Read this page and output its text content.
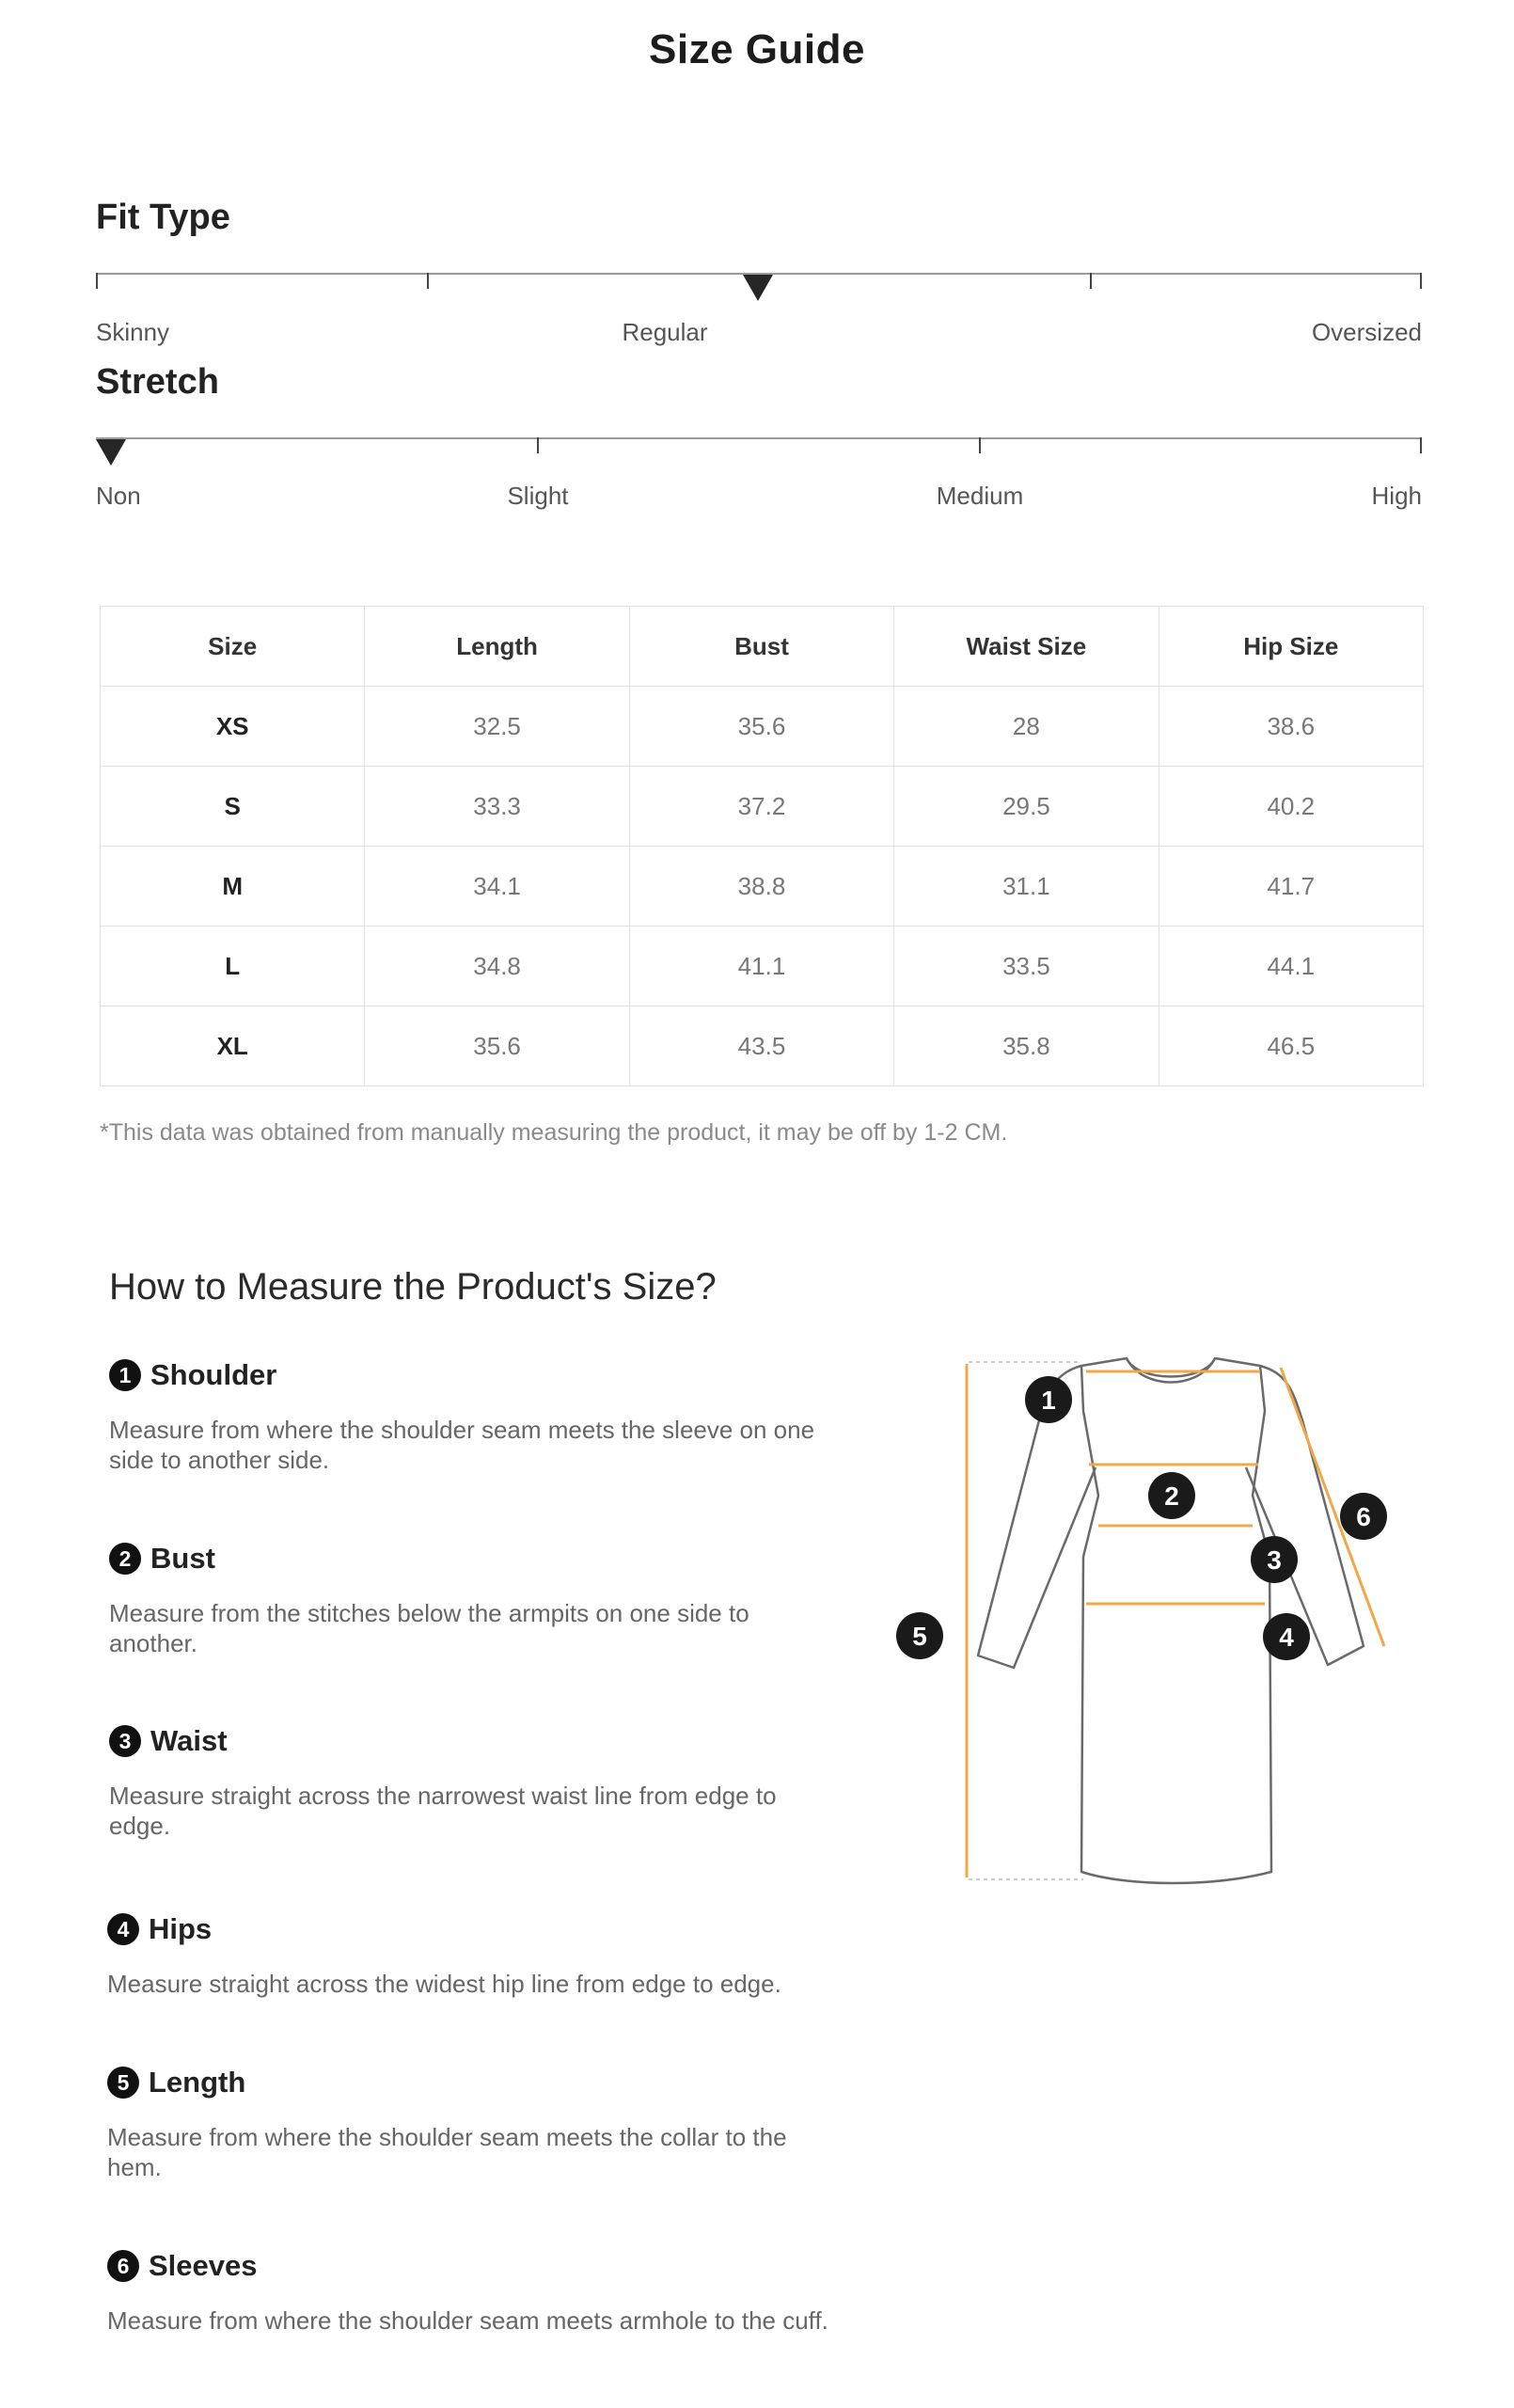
Size Guide
Fit Type
Skinny	Regular	Oversized
Stretch
Non	Slight	Medium	High
Size	Length	Bust	Waist Size	Hip Size
XS	32.5	35.6	28	38.6
S	33.3	37.2	29.5	40.2
M	34.1	38.8	31.1	41.7
L	34.8	41.1	33.5	44.1
XL	35.6	43.5	35.8	46.5
*This data was obtained from manually measuring the product, it may be off by 1-2 CM.
How to Measure the Product's Size?
1 Shoulder
Measure from where the shoulder seam meets the sleeve on one side to another side.
2 Bust
Measure from the stitches below the armpits on one side to another.
3 Waist
Measure straight across the narrowest waist line from edge to edge.
4 Hips
Measure straight across the widest hip line from edge to edge.
5 Length
Measure from where the shoulder seam meets the collar to the hem.
6 Sleeves
Measure from where the shoulder seam meets armhole to the cuff.
1
2
3
4
5
6
